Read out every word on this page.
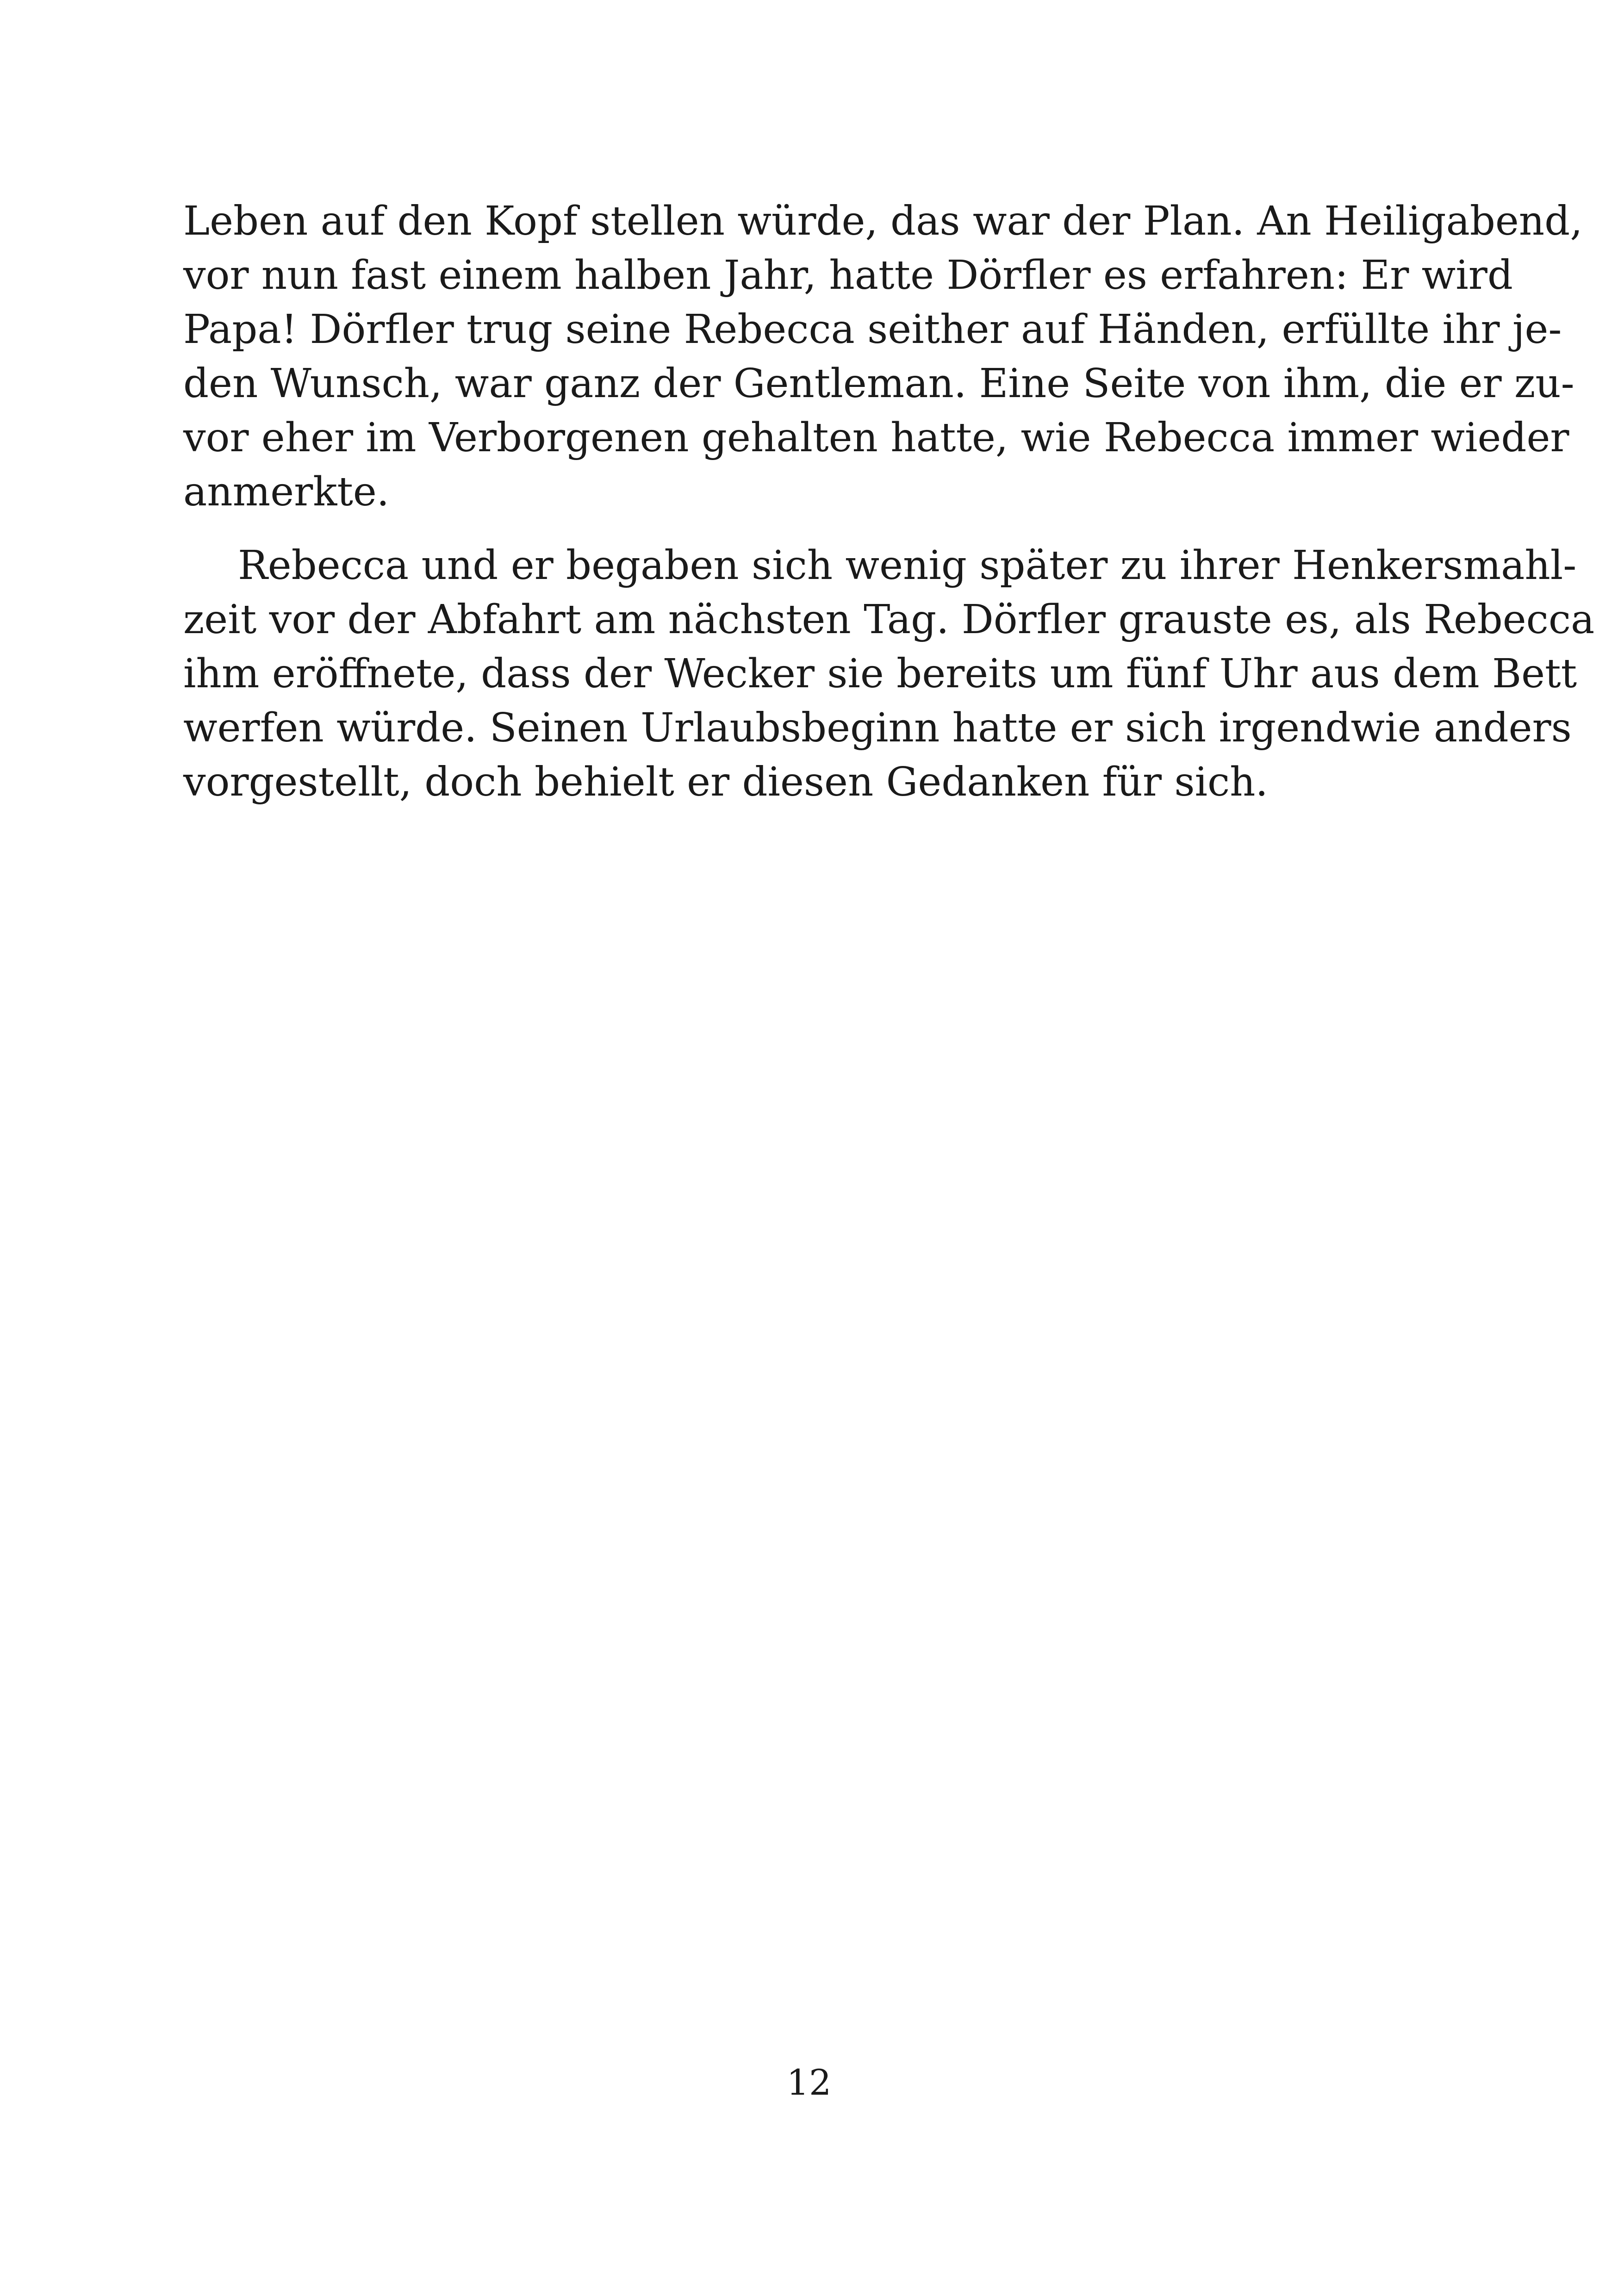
Leben auf den Kopf stellen würde, das war der Plan. An Heiligabend,
vor nun fast einem halben Jahr, hatte Dörfler es erfahren: Er wird
Papa! Dörfler trug seine Rebecca seither auf Händen, erfüllte ihr je-
den Wunsch, war ganz der Gentleman. Eine Seite von ihm, die er zu-
vor eher im Verborgenen gehalten hatte, wie Rebecca immer wieder
anmerkte.
Rebecca und er begaben sich wenig später zu ihrer Henkersmahl-
zeit vor der Abfahrt am nächsten Tag. Dörfler grauste es, als Rebecca
ihm eröffnete, dass der Wecker sie bereits um fünf Uhr aus dem Bett
werfen würde. Seinen Urlaubsbeginn hatte er sich irgendwie anders
vorgestellt, doch behielt er diesen Gedanken für sich.
12
